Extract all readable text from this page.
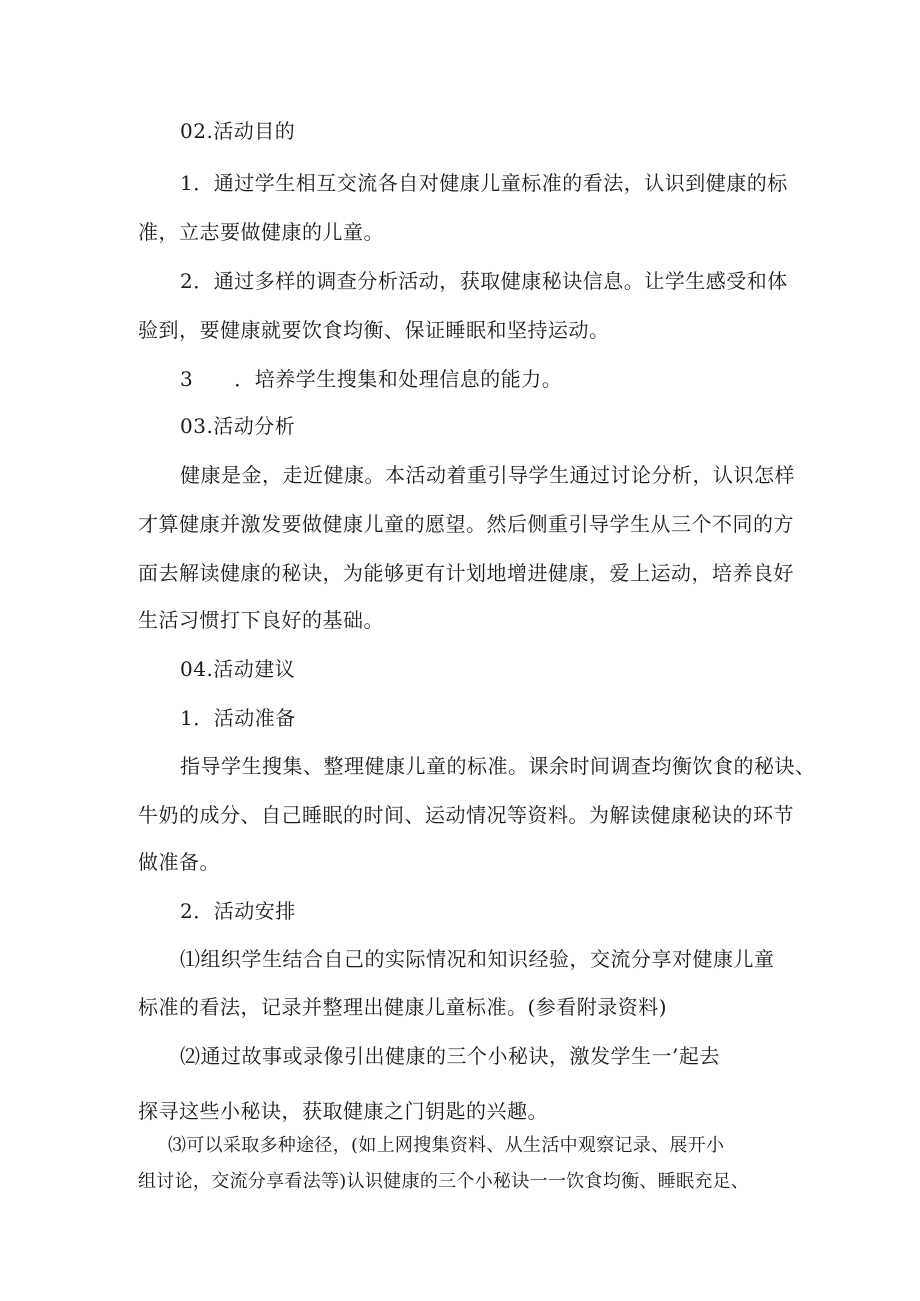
02.活动目的
1．通过学生相互交流各自对健康儿童标准的看法，认识到健康的标
准，立志要做健康的儿童。
2．通过多样的调查分析活动，获取健康秘诀信息。让学生感受和体
验到，要健康就要饮食均衡、保证睡眠和坚持运动。
3　　．培养学生搜集和处理信息的能力。
03.活动分析
健康是金，走近健康。本活动着重引导学生通过讨论分析，认识怎样
才算健康并激发要做健康儿童的愿望。然后侧重引导学生从三个不同的方
面去解读健康的秘诀，为能够更有计划地增进健康，爱上运动，培养良好
生活习惯打下良好的基础。
04.活动建议
1．活动准备
指导学生搜集、整理健康儿童的标准。课余时间调查均衡饮食的秘诀、
牛奶的成分、自己睡眠的时间、运动情况等资料。为解读健康秘诀的环节
做准备。
2．活动安排
⑴组织学生结合自己的实际情况和知识经验，交流分享对健康儿童
标准的看法，记录并整理出健康儿童标准。(参看附录资料)
⑵通过故事或录像引出健康的三个小秘诀，激发学生一’起去
探寻这些小秘诀，获取健康之门钥匙的兴趣。
⑶可以采取多种途径，(如上网搜集资料、从生活中观察记录、展开小
组讨论，交流分享看法等)认识健康的三个小秘诀一一饮食均衡、睡眠充足、
